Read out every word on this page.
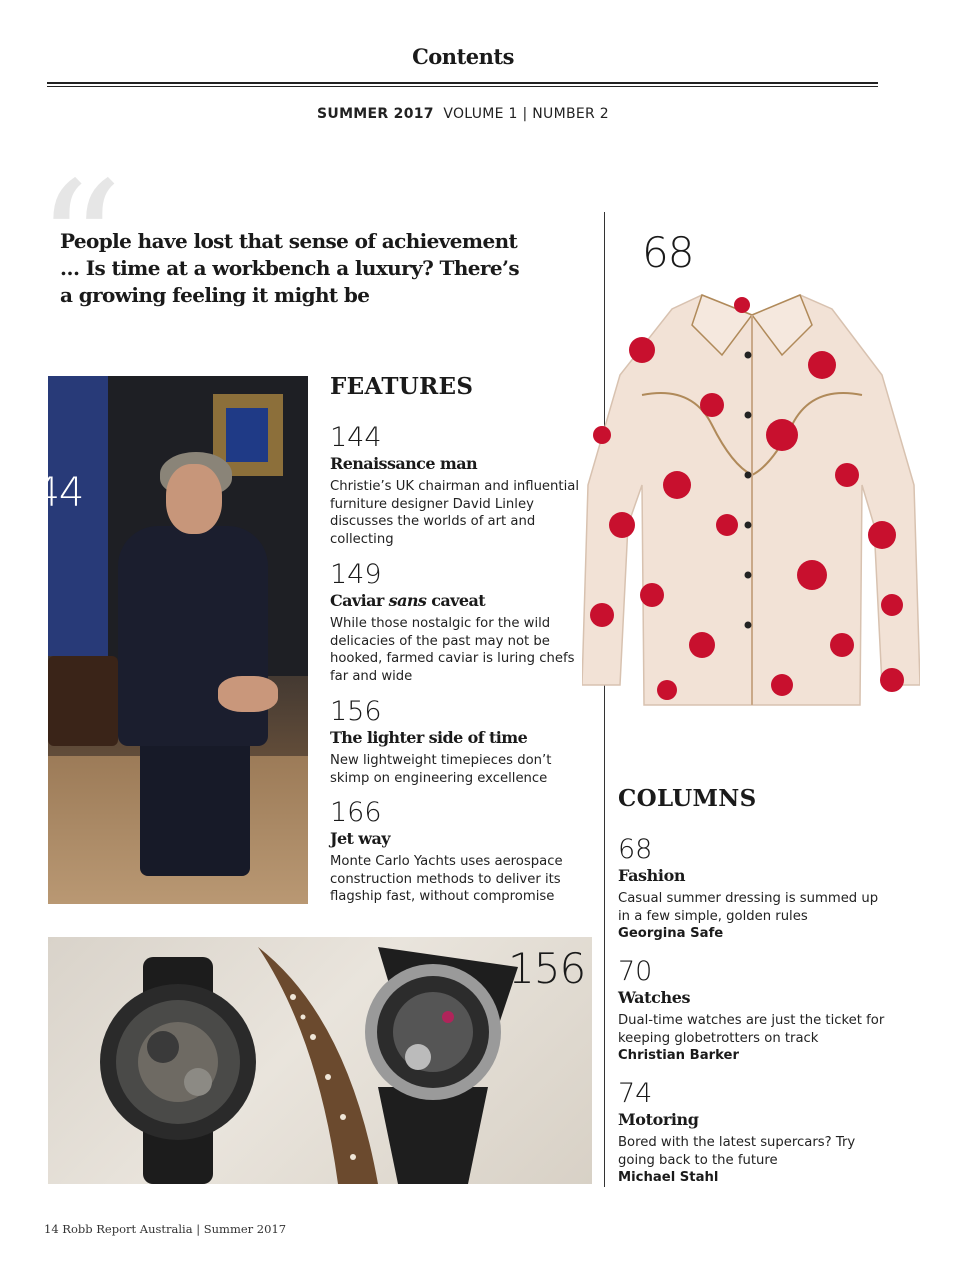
Contents
SUMMER 2017 VOLUME 1 | NUMBER 2
“
People have lost that sense of achievement … Is time at a workbench a luxury? There’s a growing feeling it might be
144
FEATURES
144
Renaissance man
Christie’s UK chairman and influential furniture designer David Linley discusses the worlds of art and collecting
149
Caviar sans caveat
While those nostalgic for the wild delicacies of the past may not be hooked, farmed caviar is luring chefs far and wide
156
The lighter side of time
New lightweight timepieces don’t skimp on engineering excellence
166
Jet way
Monte Carlo Yachts uses aerospace construction methods to deliver its flagship fast, without compromise
68
COLUMNS
68
Fashion
Casual summer dressing is summed up in a few simple, golden rules
Georgina Safe
70
Watches
Dual-time watches are just the ticket for keeping globetrotters on track
Christian Barker
74
Motoring
Bored with the latest supercars? Try going back to the future
Michael Stahl
156
14 Robb Report Australia | Summer 2017
